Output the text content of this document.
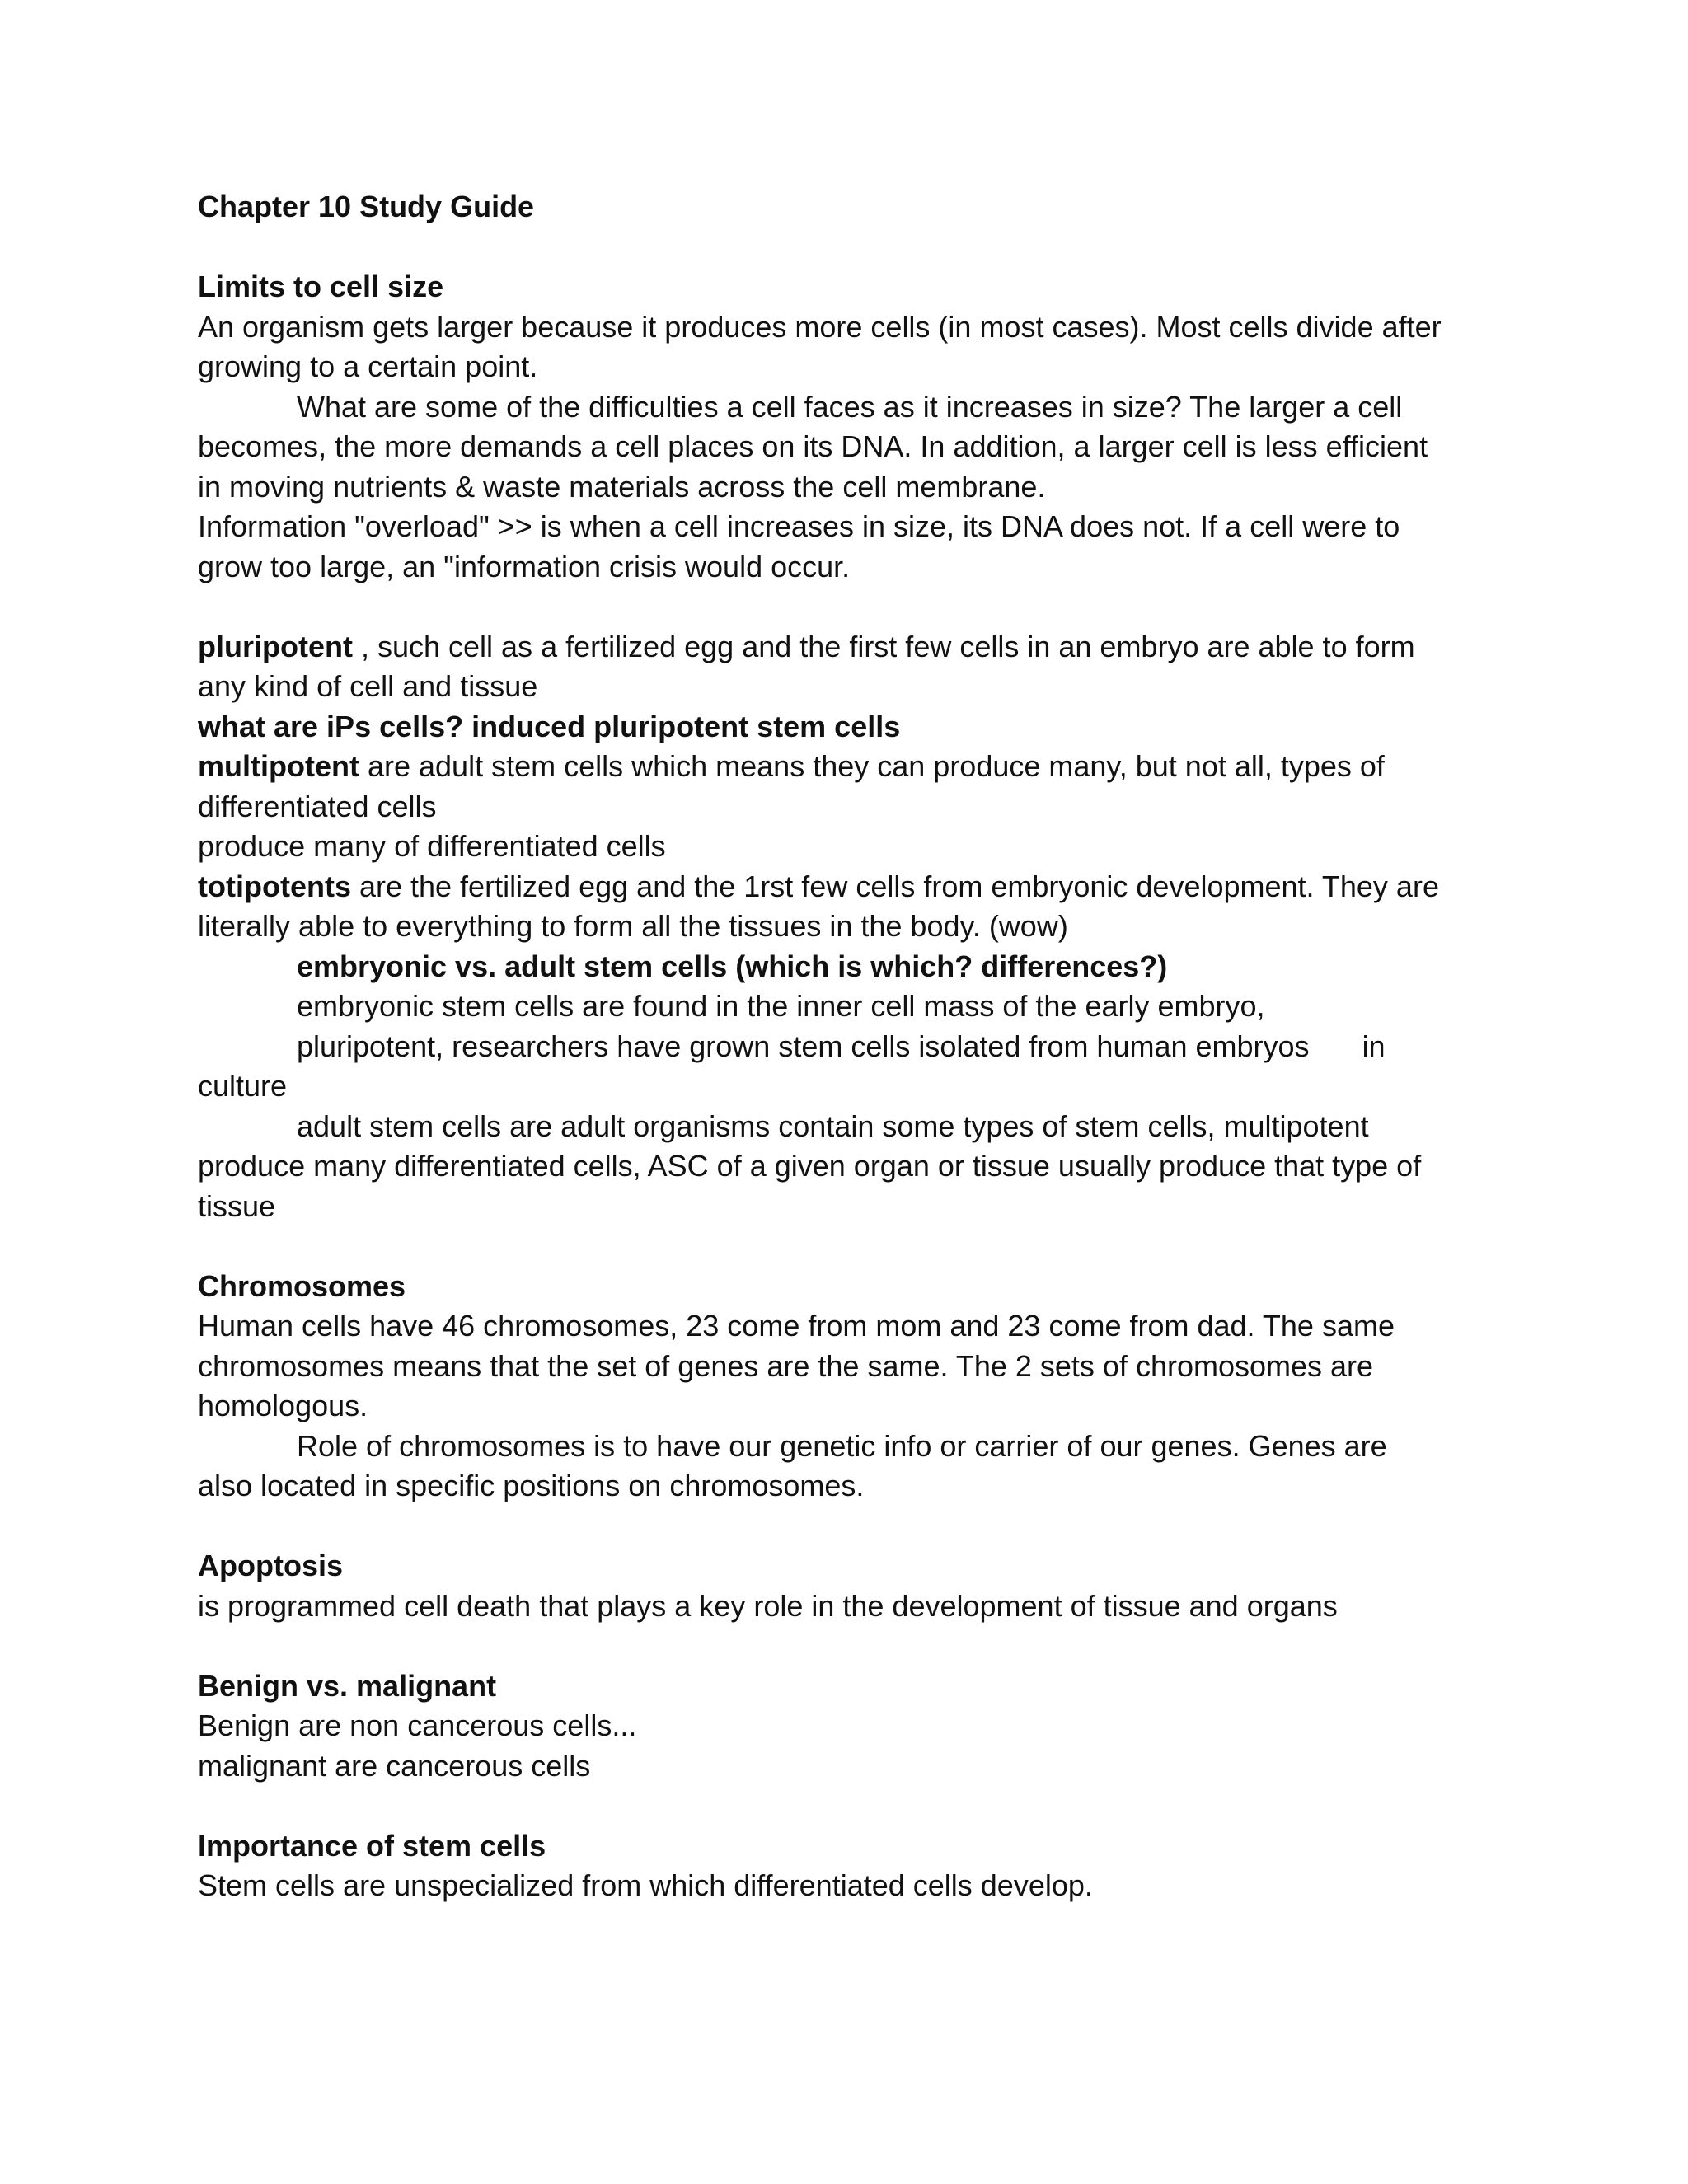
Chapter 10 Study Guide
Limits to cell size
An organism gets larger because it produces more cells (in most cases). Most cells divide after
growing to a certain point.
What are some of the difficulties a cell faces as it increases in size? The larger a cell
becomes, the more demands a cell places on its DNA. In addition, a larger cell is less efficient
in moving nutrients & waste materials across the cell membrane.
Information "overload" >> is when a cell increases in size, its DNA does not. If a cell were to
grow too large, an "information crisis would occur.
pluripotent , such cell as a fertilized egg and the first few cells in an embryo are able to form
any kind of cell and tissue
what are iPs cells? induced pluripotent stem cells
multipotent are adult stem cells which means they can produce many, but not all, types of
differentiated cells
produce many of differentiated cells
totipotents are the fertilized egg and the 1rst few cells from embryonic development. They are
literally able to everything to form all the tissues in the body. (wow)
embryonic vs. adult stem cells (which is which? differences?)
embryonic stem cells are found in the inner cell mass of the early embryo,
pluripotent, researchers have grown stem cells isolated from human embryos in
culture
adult stem cells are adult organisms contain some types of stem cells, multipotent
produce many differentiated cells, ASC of a given organ or tissue usually produce that type of
tissue
Chromosomes
Human cells have 46 chromosomes, 23 come from mom and 23 come from dad. The same
chromosomes means that the set of genes are the same. The 2 sets of chromosomes are
homologous.
Role of chromosomes is to have our genetic info or carrier of our genes. Genes are
also located in specific positions on chromosomes.
Apoptosis
is programmed cell death that plays a key role in the development of tissue and organs
Benign vs. malignant
Benign are non cancerous cells...
malignant are cancerous cells
Importance of stem cells
Stem cells are unspecialized from which differentiated cells develop.
